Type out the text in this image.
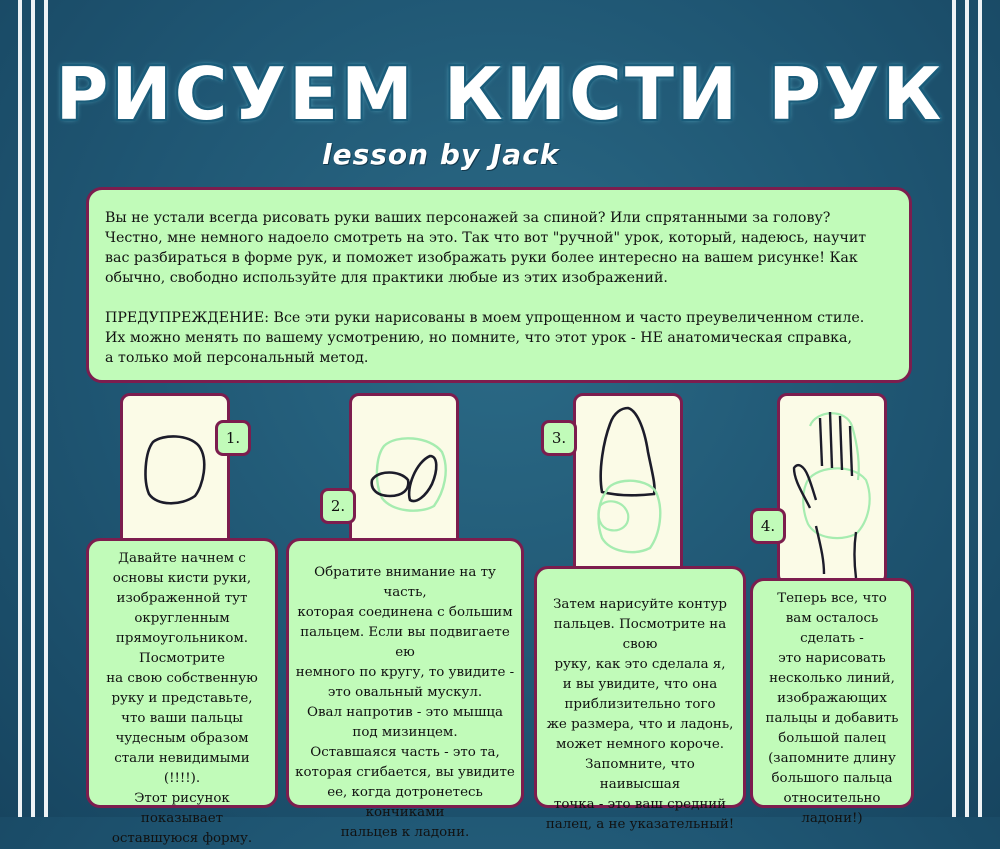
РИСУЕМ КИСТИ РУК
lesson by Jack

Вы не устали всегда рисовать руки ваших персонажей за спиной? Или спрятанными за голову?
Честно, мне немного надоело смотреть на это. Так что вот "ручной" урок, который, надеюсь, научит вас разбираться в форме рук, и поможет изображать руки более интересно на вашем рисунке! Как обычно, свободно используйте для практики любые из этих изображений.

ПРЕДУПРЕЖДЕНИЕ: Все эти руки нарисованы в моем упрощенном и часто преувеличенном стиле.
Их можно менять по вашему усмотрению, но помните, что этот урок - НЕ анатомическая справка,
а только мой персональный метод.

1.
Давайте начнем с
основы кисти руки,
изображенной тут
округленным
прямоугольником.
Посмотрите
на свою собственную
руку и представьте,
что ваши пальцы
чудесным образом
стали невидимыми (!!!!).
Этот рисунок показывает
оставшуюся форму.
2.
Обратите внимание на ту часть,
которая соединена с большим
пальцем. Если вы подвигаете ею
немного по кругу, то увидите -
это овальный мускул.
Овал напротив - это мышца
под мизинцем.
Оставшаяся часть - это та,
которая сгибается, вы увидите
ее, когда дотронетесь кончиками
пальцев к ладони.
3.
Затем нарисуйте контур
пальцев. Посмотрите на свою
руку, как это сделала я,
и вы увидите, что она
приблизительно того
же размера, что и ладонь,
может немного короче.
Запомните, что наивысшая
точка - это ваш средний
палец, а не указательный!
4.
Теперь все, что
вам осталось сделать -
это нарисовать
несколько линий,
изображающих
пальцы и добавить
большой палец
(запомните длину
большого пальца
относительно
ладони!)
